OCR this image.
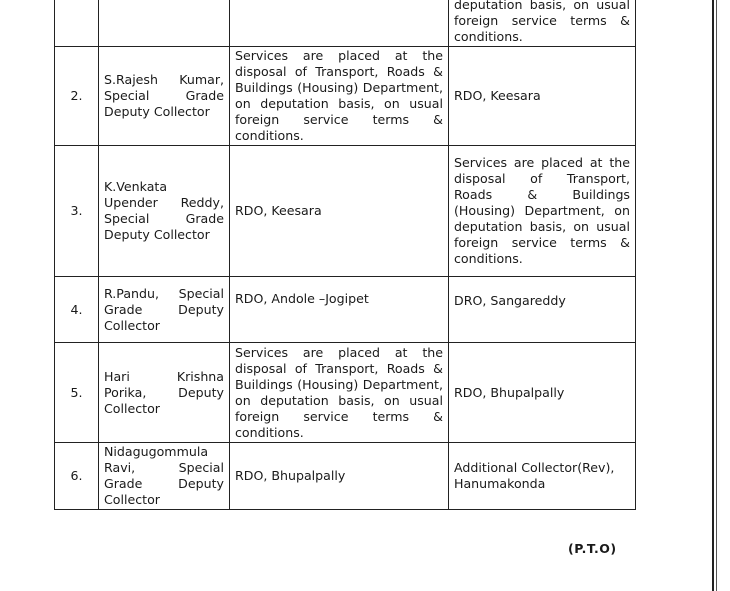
			deputation basis, on usual foreign service terms & conditions.
2.	S.Rajesh Kumar, Special Grade Deputy Collector	Services are placed at the disposal of Transport, Roads & Buildings (Housing) Department, on deputation basis, on usual foreign service terms & conditions.	RDO, Keesara
3.	K.Venkata Upender Reddy, Special Grade Deputy Collector	RDO, Keesara	Services are placed at the disposal of Transport, Roads & Buildings (Housing) Department, on deputation basis, on usual foreign service terms & conditions.
4.	R.Pandu, Special Grade Deputy Collector	RDO, Andole –Jogipet	DRO, Sangareddy
5.	Hari Krishna Porika, Deputy Collector	Services are placed at the disposal of Transport, Roads & Buildings (Housing) Department, on deputation basis, on usual foreign service terms & conditions.	RDO, Bhupalpally
6.	Nidagugommula Ravi, Special Grade Deputy Collector	RDO, Bhupalpally	Additional Collector(Rev), Hanumakonda
(P.T.O)
